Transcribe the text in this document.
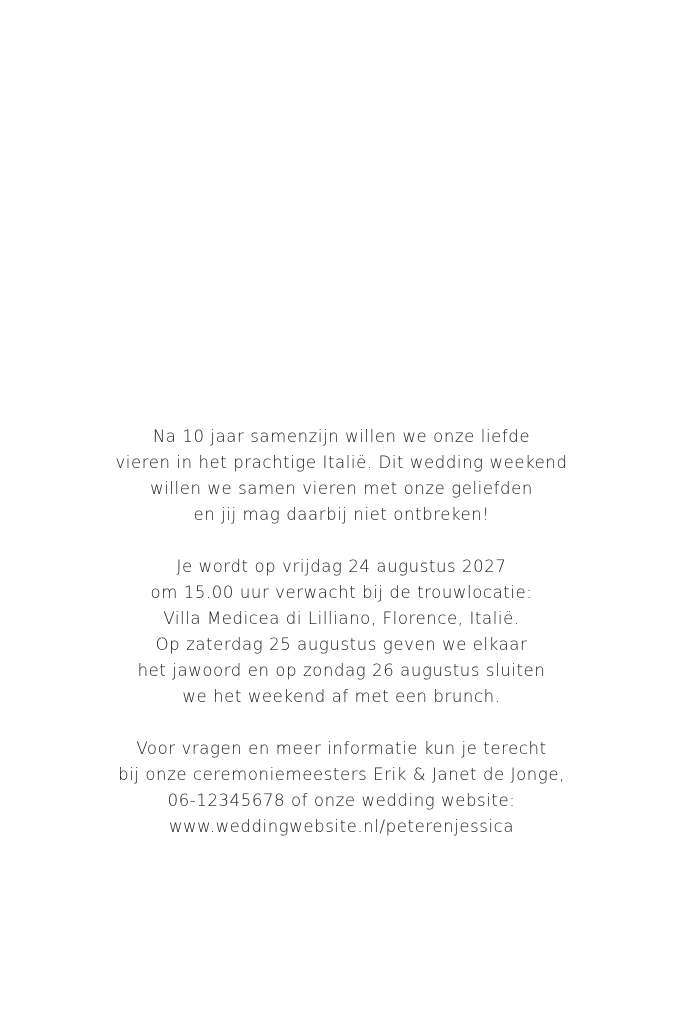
Na 10 jaar samenzijn willen we onze liefde
vieren in het prachtige Italië. Dit wedding weekend
willen we samen vieren met onze geliefden
en jij mag daarbij niet ontbreken!

Je wordt op vrijdag 24 augustus 2027
om 15.00 uur verwacht bij de trouwlocatie:
Villa Medicea di Lilliano, Florence, Italië.
Op zaterdag 25 augustus geven we elkaar
het jawoord en op zondag 26 augustus sluiten
we het weekend af met een brunch.

Voor vragen en meer informatie kun je terecht
bij onze ceremoniemeesters Erik & Janet de Jonge,
06-12345678 of onze wedding website:
www.weddingwebsite.nl/peterenjessica
